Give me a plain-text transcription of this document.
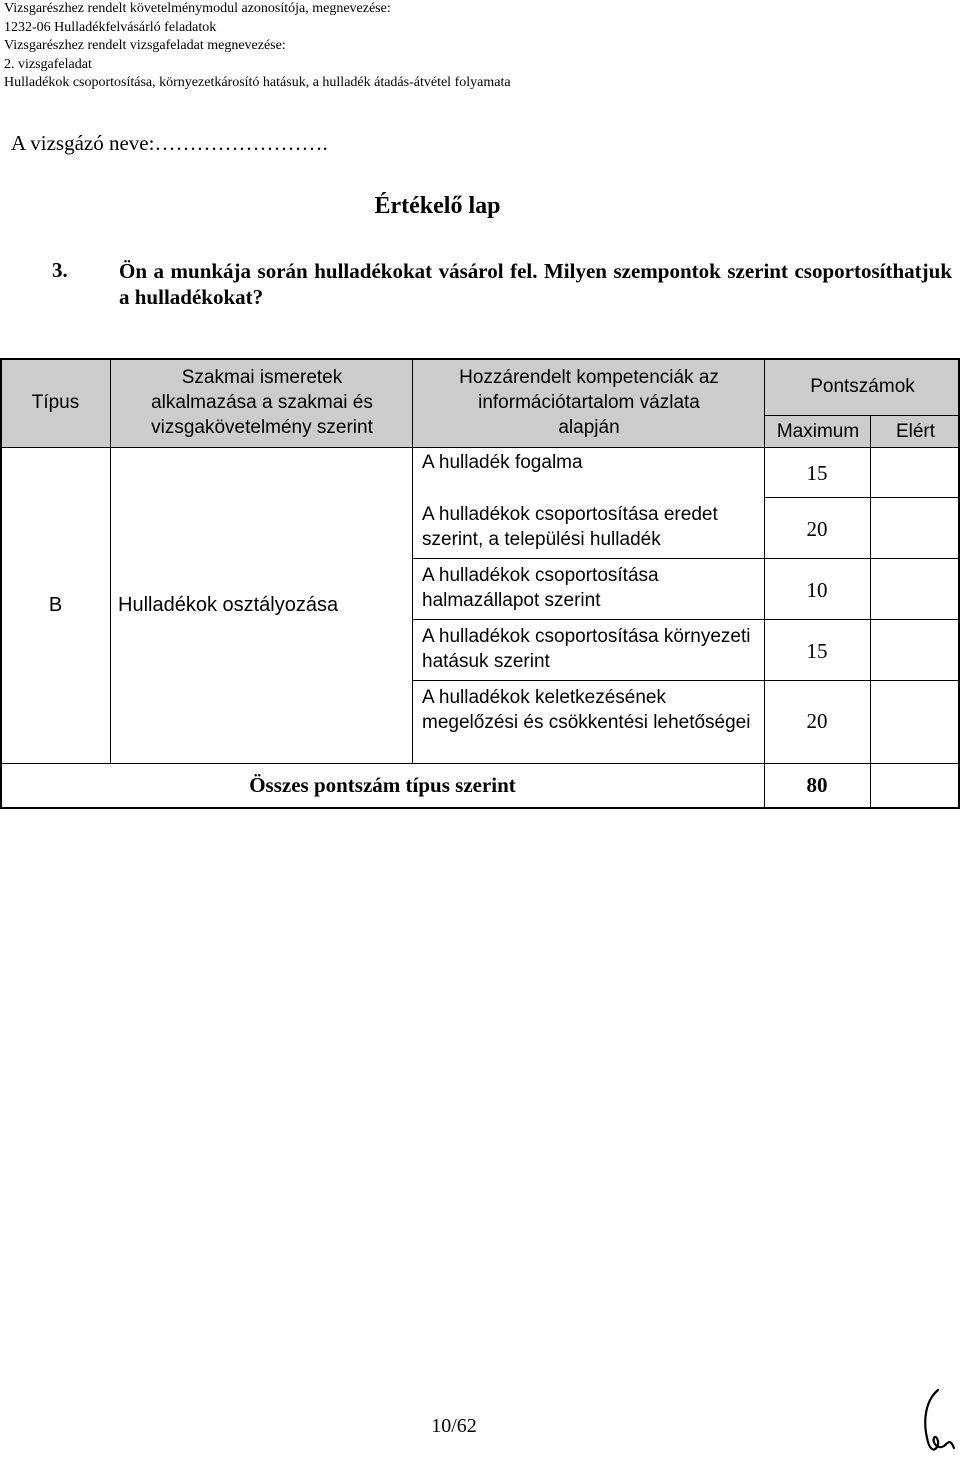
Vizsgarészhez rendelt követelménymodul azonosítója, megnevezése:
1232-06 Hulladékfelvásárló feladatok
Vizsgarészhez rendelt vizsgafeladat megnevezése:
2. vizsgafeladat
Hulladékok csoportosítása, környezetkárosító hatásuk, a hulladék átadás-átvétel folyamata
A vizsgázó neve:…………………….
Értékelő lap
3. Ön a munkája során hulladékokat vásárol fel. Milyen szempontok szerint csoportosíthatjuk a hulladékokat?
Típus
Szakmai ismeretek alkalmazása a szakmai és vizsgakövetelmény szerint
Hozzárendelt kompetenciák az információtartalom vázlata alapján
Pontszámok
Maximum Elért
B	Hulladékok osztályozása
A hulladék fogalma
A hulladékok csoportosítása eredet szerint, a települési hulladék
A hulladékok csoportosítása halmazállapot szerint
A hulladékok csoportosítása környezeti hatásuk szerint
A hulladékok keletkezésének megelőzési és csökkentési lehetőségei
15
20
10
15
20
Összes pontszám típus szerint	80
10/62
